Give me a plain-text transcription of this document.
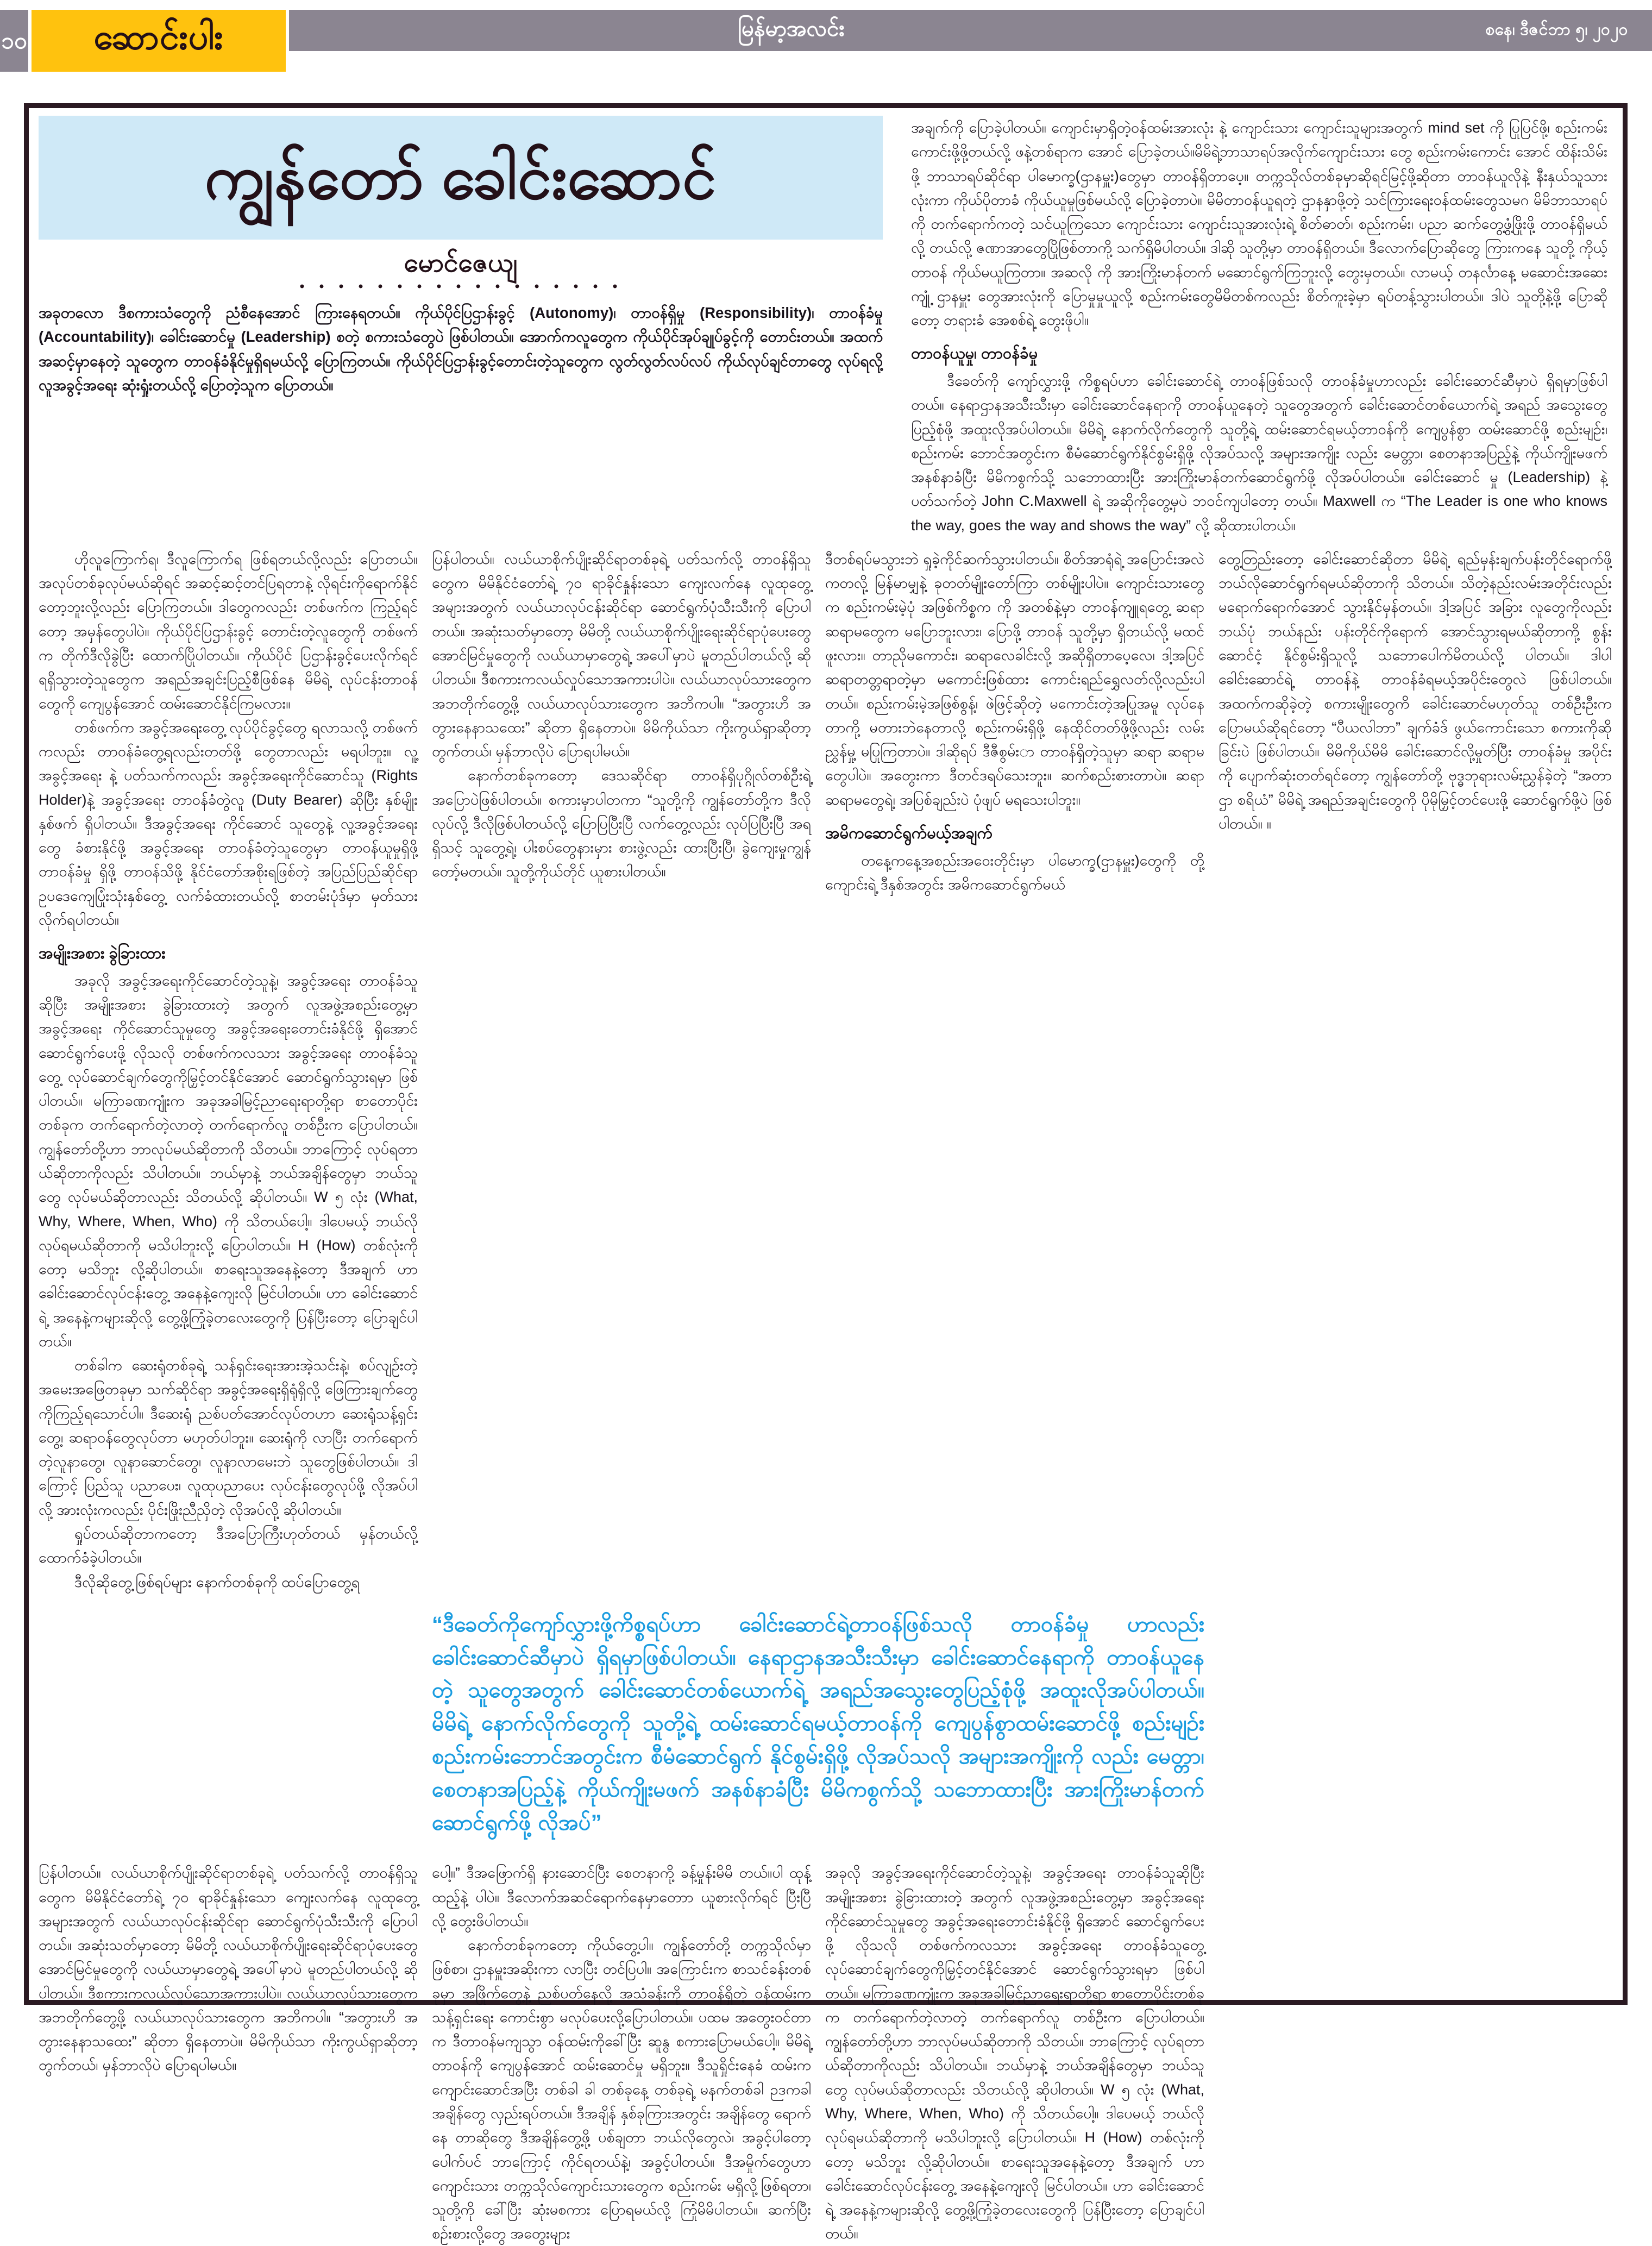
၁၀	ဆောင်းပါး	မြန်မာ့အလင်း	စနေ၊ ဒီဇင်ဘာ ၅၊ ၂၀၂၀
ကျွန်တော် ခေါင်းဆောင်
မောင်ဇေယျ
အခုတလော ဒီစကားသံတွေကို ညံစီနေအောင် ကြားနေရတယ်။ ကိုယ်ပိုင်ပြဌာန်းခွင့် (Autonomy)၊ တာဝန်ရှိမှု (Responsibility)၊ တာဝန်ခံမှု (Accountability)၊ ခေါင်းဆောင်မှု (Leadership) စတဲ့ စကားသံတွေပဲ ဖြစ်ပါတယ်။ အောက်ကလူတွေက ကိုယ်ပိုင်အုပ်ချုပ်ခွင့်ကို တောင်းတယ်။ အထက်အဆင့်မှာနေတဲ့ သူတွေက တာဝန်ခံနိုင်မှုရှိရမယ်လို့ ပြောကြတယ်။ ကိုယ်ပိုင်ပြဌာန်းခွင့်တောင်းတဲ့သူတွေက လွတ်လွတ်လပ်လပ် ကိုယ်လုပ်ချင်တာတွေ လုပ်ရလို့ လူအခွင့်အရေး ဆုံးရှုံးတယ်လို့ ပြောတဲ့သူက ပြောတယ်။

အချက်ကို ပြောခဲ့ပါတယ်။ ကျောင်းမှာရှိတဲ့ဝန်ထမ်းအားလုံး နဲ့ ကျောင်းသား ကျောင်းသူများအတွက် mind set ကို ပြုပြင်ဖို့၊ စည်းကမ်းကောင်းဖို့ဖို့တယ်လို့ ဖနဲ့တစ်ရာက အောင် ပြောခဲ့တယ်။မိမိရဲ့ဘာသာရပ်အလိုက်ကျောင်းသား တွေ စည်းကမ်းကောင်း အောင် ထိန်းသိမ်းဖို့ ဘာသာရပ်ဆိုင်ရာ ပါမောက္ခ(ဌာနမှူး)တွေမှာ တာဝန်ရှိတာပေ့။ တက္ကသိုလ်တစ်ခုမှာဆိုရင်မြင့်ဖို့ဆိုတာ တာဝန်ယူလိုနဲ့ နီးနှယ်သူသားလုံးကာ ကိုယ်ပိုတာခံ ကိုယ်ယူမှုဖြစ်မယ်လို့ ပြောခဲ့တာပဲ။ မိမိတာဝန်ယူရတဲ့ ဌာနနှာဖို့တဲ့ သင်ကြားရေးဝန်ထမ်းတွေသမဂ မိမိဘာသာရပ်ကို တက်ရောက်ကတဲ့ သင်ယူကြသော ကျောင်းသား ကျောင်းသူအားလုံးရဲ့ စိတ်ဓာတ်၊ စည်းကမ်း၊ ပညာ ဆက်တွေ့ဖွံ့ဖြိုးဖို့ တာဝန်ရှိမယ်လို့ တယ်လို့ ဇဏာအာတွေပြိုဖြစ်တာကို့ သက်ရှိမိပါတယ်။ ဒါဆို သူတို့မှာ တာဝန်ရှိတယ်။ ဒီလောက်ပြောဆိုတွေ ကြားကနေ သူတို့ ကိုယ့်တာဝန် ကိုယ်မယူကြတာ။ အဆလို ကို အားကြိုးမာန်တက် မဆောင်ရွက်ကြဘူးလို့ တွေးမှတယ်။ လာမယ့် တနင်္လာနေ့ မဆောင်းအဆေးကျုံ့ ဌာနမှူး တွေအားလုံးကို ပြောမှုမှုယူလို့ စည်းကမ်းတွေမိမိတစ်ကလည်း စိတ်ကူးခဲ့မှာ ရပ်တန့်သွားပါတယ်။ ဒါပဲ သူတို့နဲ့ဖို့ ပြောဆိုတော့ တရားခံ အေစစ်ရဲ့ တွေးဖိုပါ။

တာဝန်ယူမှု၊ တာဝန်ခံမှု

ဒီခေတ်ကို ကျော်လွှားဖို့ ကိစ္စရပ်ဟာ ခေါင်းဆောင်ရဲ့ တာဝန်ဖြစ်သလို တာဝန်ခံမှုဟာလည်း ခေါင်းဆောင်ဆီမှာပဲ ရှိရမှာဖြစ်ပါတယ်။ နေရာဌာနအသီးသီးမှာ ခေါင်းဆောင်နေရာကို တာဝန်ယူနေတဲ့ သူတွေအတွက် ခေါင်းဆောင်တစ်ယောက်ရဲ့ အရည် အသွေးတွေပြည့်စုံဖို့ အထူးလိုအပ်ပါတယ်။ မိမိရဲ့ နောက်လိုက်တွေကို သူတို့ရဲ့ ထမ်းဆောင်ရမယ့်တာဝန်ကို ကျေပွန်စွာ ထမ်းဆောင်ဖို့ စည်းမျဉ်း၊ စည်းကမ်း ဘောင်အတွင်းက စီမံဆောင်ရွက်နိုင်စွမ်းရှိဖို့ လိုအပ်သလို့ အများအကျိုး လည်း မေတ္တာ၊ စေတနာအပြည့်နဲ့ ကိုယ်ကျိုးမဖက် အနစ်နာခံပြီး မိမိကစွက်သို့ သဘောထားပြီး အားကြိုးမာန်တက်ဆောင်ရွက်ဖို့ လိုအပ်ပါတယ်။ ခေါင်းဆောင် မှု (Leadership) နဲ့ ပတ်သက်တဲ့ John C.Maxwell ရဲ့ အဆိုကိုတွေ့မှပဲ ဘဝင်ကျပါတော့ တယ်။ Maxwell က “The Leader is one who knows the way, goes the way and shows the way” လို့ ဆိုထားပါတယ်။

ဟိုလူကြောက်ရ၊ ဒီလူကြောက်ရ ဖြစ်ရတယ်လို့လည်း ပြောတယ်။ အလုပ်တစ်ခုလုပ်မယ်ဆိုရင် အဆင့်ဆင့်တင်ပြရတာနဲ့ လိုရင်းကိုရောက်နိုင်တော့ဘူးလို့လည်း ပြောကြတယ်။ ဒါတွေကလည်း တစ်ဖက်က ကြည့်ရင်တော့ အမှန်တွေပါပဲ။ ကိုယ်ပိုင်ပြဌာန်းခွင့် တောင်းတဲ့လူတွေကို တစ်ဖက်က တိုက်ဒီလိုခွဲပြီး ထောက်ပြိုပါတယ်။ ကိုယ်ပိုင် ပြဌာန်းခွင့်ပေးလိုက်ရင် ရရှိသွားတဲ့သူတွေက အရည်အချင်းပြည့်စီဖြစ်နေ မိမိရဲ့ လုပ်ငန်းတာဝန်တွေကို ကျေပွန်အောင် ထမ်းဆောင်နိုင်ကြမလား။

တစ်ဖက်က အခွင့်အရေးတွေ့ လုပ်ပိုင်ခွင့်တွေ ရလာသလို့ တစ်ဖက်ကလည်း တာဝန်ခံတွေ့ရလည်းတတ်ဖို့ တွေတာလည်း မရပါဘူး။ လူ့အခွင့်အရေး နဲ့ ပတ်သက်ကလည်း အခွင့်အရေးကိုင်ဆောင်သူ (Rights Holder)နဲ့ အခွင့်အရေး တာဝန်ခံတွဲလူ (Duty Bearer) ဆိုပြီး နှစ်မျိုး နှစ်ဖက် ရှိပါတယ်။ ဒီအခွင့်အရေး ကိုင်ဆောင် သူတွေနဲ့ လူ့အခွင့်အရေးတွေ ခံစားနိုင်ဖို့ အခွင့်အရေး တာဝန်ခံတဲ့သူတွေမှာ တာဝန်ယူမှုရှိဖို့ တာဝန်ခံမှု ရှိဖို့ တာဝန်သိဖို့ နိုင်ငံတော်အစိုးရဖြစ်တဲ့ အပြည်ပြည်ဆိုင်ရာ ဥပဒေကျေပြုံးသုံးနှစ်တွေ့ လက်ခံထားတယ်လို့ စာတမ်းပုံဒ်မှာ မှတ်သားလိုက်ရပါတယ်။

အမျိုးအစား ခွဲခြားထား

အခုလို အခွင့်အရေးကိုင်ဆောင်တဲ့သူနဲ့၊ အခွင့်အရေး တာဝန်ခံသူဆိုပြီး အမျိုးအစား ခွဲခြားထားတဲ့ အတွက် လူအဖွဲ့အစည်းတွေ့မှာ အခွင့်အရေး ကိုင်ဆောင်သူမှုတွေ အခွင့်အရေးတောင်းခံနိုင်ဖို့ ရှိအောင် ဆောင်ရွက်ပေးဖို့ လိုသလို တစ်ဖက်ကလသား အခွင့်အရေး တာဝန်ခံသူတွေ့ လုပ်ဆောင်ချက်တွေကိုမြှင့်တင်နိုင်အောင် ဆောင်ရွက်သွားရမှာ ဖြစ်ပါတယ်။ မကြာခဏကျုံးက အခုအခါမြင့်ညာရေးရာတို့ရာ စာတောပိုင်းတစ်ခုက တက်ရောက်တဲ့လာတဲ့ တက်ရောက်လူ တစ်ဦးက ပြောပါတယ်။ ကျွန်တော်တို့ဟာ ဘာလုပ်မယ်ဆိုတာကို သိတယ်။ ဘာကြောင့် လုပ်ရတာယ်ဆိုတာကိုလည်း သိပါတယ်။ ဘယ်မှာနဲ့ ဘယ်အချိန်တွေမှာ ဘယ်သူတွေ လုပ်မယ်ဆိုတာလည်း သိတယ်လို့ ဆိုပါတယ်။ W ၅ လုံး (What, Why, Where, When, Who) ကို သိတယ်ပေါ့။ ဒါပေမယ့် ဘယ်လိုလုပ်ရမယ်ဆိုတာကို မသိပါဘူးလို့ ပြောပါတယ်။ H (How) တစ်လုံးကိုတော့ မသိဘူး လို့ဆိုပါတယ်။ စာရေးသူအနေနဲ့တော့ ဒီအချက် ဟာ ခေါင်းဆောင်လုပ်ငန်းတွေ့ အနေနဲ့ကျေးလို မြင်ပါတယ်။ ဟာ ခေါင်းဆောင်ရဲ့ အနေနဲ့ကများဆိုလို့ တွေ့ဖို့ကြုံခဲ့တလေးတွေကို ပြန်ပြီးတော့ ပြောချင်ပါတယ်။

တစ်ခါက ဆေးရုံတစ်ခုရဲ့ သန်ရှင်းရေးအားအဲ့သင်းနဲ့၊ စပ်လျဉ်းတဲ့ အမေးအဖြေတခုမှာ သက်ဆိုင်ရာ အခွင့်အရေးရှိရုံရှိလို့ ဖြေကြားချက်တွေကိုကြည့်ရသောင်ပါ။ ဒီဆေးရုံ ညစ်ပတ်အောင်လုပ်တဟာ ဆေးရုံသန့်ရှင်းတွေ့၊ ဆရာဝန်တွေလုပ်တာ မဟုတ်ပါဘူး။ ဆေးရုံကို လာပြီး တက်ရောက်တဲ့လူနာတွေ၊ လူနာဆောင်တွေ၊ လူနာလာမေးဘဲ သူတွေဖြစ်ပါတယ်။ ဒါကြောင့် ပြည်သူ ပညာပေး၊ လူထုပညာပေး လုပ်ငန်းတွေလုပ်ဖို့ လိုအပ်ပါ လို့ အားလုံးကလည်း ပိုင်းဖြိုးညီညှိတဲ့ လိုအပ်လို့ ဆိုပါတယ်။

ရှုပ်တယ်ဆိုတာကတော့ ဒီအပြောကြီးဟုတ်တယ် မှန်တယ်လို့ ထောက်ခံခဲ့ပါတယ်။

ဒီလိုဆိုတွေ့ဖြစ်ရပ်များ နောက်တစ်ခုကို ထပ်ပြောတွေ့ရ

ပြန်ပါတယ်။ လယ်ယာစိုက်ပျိုးဆိုင်ရာတစ်ခုရဲ့ ပတ်သက်လို့ တာဝန်ရှိသူတွေက မိမိနိုင်ငံတော်ရဲ့ ၇၀ ရာခိုင်နှုန်းသော ကျေးလက်နေ လူထုတွေ့အများအတွက် လယ်ယာလုပ်ငန်းဆိုင်ရာ ဆောင်ရွက်ပုံသီးသီးကို ပြောပါတယ်။ အဆုံးသတ်မှာတော့ မိမိတို့ လယ်ယာစိုက်ပျိုးရေးဆိုင်ရာပုံပေးတွေ အောင်မြင်မှုတွေကို လယ်ယာမှာတွေရဲ့ အပေါ်မှာပဲ မူတည်ပါတယ်လို့ ဆိုပါတယ်။ ဒီစကားကလယ်လှုပ်သောအကားပါပဲ။ လယ်ယာလုပ်သားတွေက အဘတိုက်တွေ့ဖို့ လယ်ယာလုပ်သားတွေက အဘိကပါ။ “အတွားဟိ အတွားနေနာသထေး” ဆိုတာ ရှိနေတာပဲ။ မိမိကိုယ်သာ ကိုးကွယ်ရှာဆိုတာ့ တွက်တယ်၊ မှန်ဘာလိုပဲ ပြောရပါမယ်။

နောက်တစ်ခုကတော့ ဒေသဆိုင်ရာ တာဝန်ရှိပုဂ္ဂိုလ်တစ်ဦးရဲ့ အပြောပဲဖြစ်ပါတယ်။ စကားမှာပါတကာ “သူတို့ကို ကျွန်တော်တို့က ဒီလိုလုပ်လို့ ဒီလိုဖြစ်ပါတယ်လို့ ပြောပြပြီးပြီ လက်တွေ့လည်း လုပ်ပြပြီးပြီ အရရှိသင့် သူတွေ့ရဲ့၊ ပါးစပ်တွေနားမှား စားဖွဲ့လည်း ထားပြီးပြီ၊ ခွဲကျေးမှုကျွန်တော့်မတယ်။ သူတို့ကိုယ်တိုင် ယူစားပါတယ်။

ဒီတစ်ရပ်မသွားဘဲ ရှုခဲ့ကိုင်ဆက်သွားပါတယ်။ စိတ်အာရုံရဲ့ အပြောင်းအလဲကတလို့ မြန်မာမျှနဲ့ ခုတတ်မျိုးတော်ကြာ တစ်မျိုးပါပဲ။ ကျောင်းသားတွေက စည်းကမ်းမဲ့ပုံ အဖြစ်ကိစ္စက ကို အတစ်နဲ့မှာ တာဝန်ကျူရတွေ့ ဆရာ ဆရာမတွေက မပြောဘူးလား၊ ပြောဖို့ တာဝန် သူတို့မှာ ရှိတယ်လို့ မထင်ဖူးလား။ တာညိုမကောင်း၊ ဆရာလေခါင်းလို့ အဆိုရှိတာပေ့လေ၊ ဒါ့အပြင် ဆရာတတ္တရာတဲ့မှာ မကောင်းဖြစ်ထား ကောင်းရည်ရွှေလတ်လို့လည်းပါတယ်။ စည်းကမ်းမဲ့အဖြစ်စွန့်၊ ဖဲဖြင့်ဆိုတဲ့ မကောင်းတဲ့အပြုအမူ လုပ်နေတာကို့ မတားဘဲနေတာလို့ စည်းကမ်းရှိဖို့ နေထိုင်တတ်ဖို့ဖို့လည်း လမ်းညွှန်မှု့ မပြုကြတာပဲ။ ဒါဆိုရပ် ဒီဇီစွမ်းာ တာဝန်ရှိတဲ့သူမှာ ဆရာ ဆရာမတွေပါပဲ။ အတွေးကာ ဒီတင်ဒရပ်သေးဘူး။ ဆက်စည်းစားတာပဲ။ ဆရာ ဆရာမတွေရဲ့၊ အပြစ်ချည်းပဲ ပုံဖျပ် မရသေးပါဘူး။

အမိကဆောင်ရွက်မယ့်အချက်

တနေ့ကနေ့အစည်းအဝေးတိုင်းမှာ ပါမောက္ခ(ဌာနမှူး)တွေကို တို့ကျောင်းရဲ့ ဒီနှစ်အတွင်း အမိကဆောင်ရွက်မယ်

တွေ့တြည်းတော့ ခေါင်းဆောင်ဆိုတာ မိမိရဲ့ ရည်မှန်းချက်ပန်းတိုင်ရောက်ဖို့ ဘယ်လိုဆောင်ရွက်ရမယ်ဆိုတာကို သိတယ်။ သိတဲ့နည်းလမ်းအတိုင်းလည်း မရောက်ရောက်အောင် သွားနိုင်မှန်တယ်။ ဒါ့အပြင် အခြား လူတွေကိုလည်း ဘယ်ပုံ ဘယ်နည်း ပန်းတိုင်ကိုရောက် အောင်သွားရမယ်ဆိုတာကို့ စွန်းဆောင်ငံ့ နိုင်စွမ်းရှိသူလို့ သဘောပေါက်မိတယ်လို့ ပါတယ်။ ဒါပါ ခေါင်းဆောင်ရဲ့ တာဝန်နဲ့ တာဝန်ခံရမယ့်အပိုင်းတွေလဲ ဖြစ်ပါတယ်။ အထက်ကဆိုခဲ့တဲ့ စကားမျိုးတွေကိ ခေါင်းဆောင်မဟုတ်သူ တစ်ဦးဦးက ပြောမယ်ဆိုရင်တော့ “ပီယလါဘာ” ချက်ခံဒ် ဖွယ်ကောင်းသော စကားကိုဆိုခြင်းပဲ ဖြစ်ပါတယ်။ မိမိကိုယ်မိမိ ခေါင်းဆောင်လို့မှုတ်ပြီး တာဝန်ခံမှု အပိုင်းကို ပျောက်ဆုံးတတ်ရင်တော့ ကျွန်တော်တို့ ဗုဒ္ဓဘုရားလမ်းညွှန်ခဲ့တဲ့ “အတာဌာ စရိယံ” မိမိရဲ့ အရည်အချင်းတွေကို ပိုမိုမြှင့်တင်ပေးဖို့ ဆောင်ရွက်ဖို့ပဲ ဖြစ်ပါတယ်။ ။

“ဒီခေတ်ကိုကျော်လွှားဖို့ကိစ္စရပ်ဟာ ခေါင်းဆောင်ရဲ့တာဝန်ဖြစ်သလို တာဝန်ခံမှု ဟာလည်း ခေါင်းဆောင်ဆီမှာပဲ ရှိရမှာဖြစ်ပါတယ်။ နေရာဌာနအသီးသီးမှာ ခေါင်းဆောင်နေရာကို တာဝန်ယူနေတဲ့ သူတွေအတွက် ခေါင်းဆောင်တစ်ယောက်ရဲ့ အရည်အသွေးတွေပြည့်စုံဖို့ အထူးလိုအပ်ပါတယ်။ မိမိရဲ့ နောက်လိုက်တွေကို သူတို့ရဲ့ ထမ်းဆောင်ရမယ့်တာဝန်ကို ကျေပွန်စွာထမ်းဆောင်ဖို့ စည်းမျဉ်း စည်းကမ်းဘောင်အတွင်းက စီမံဆောင်ရွက် နိုင်စွမ်းရှိဖို့ လိုအပ်သလို အများအကျိုးကို လည်း မေတ္တာ၊ စေတနာအပြည့်နဲ့ ကိုယ်ကျိုးမဖက် အနစ်နာခံပြီး မိမိကစွက်သို့ သဘောထားပြီး အားကြိုးမာန်တက်ဆောင်ရွက်ဖို့ လိုအပ်”

ပြန်ပါတယ်။ လယ်ယာစိုက်ပျိုးဆိုင်ရာတစ်ခုရဲ့ ပတ်သက်လို့ တာဝန်ရှိသူတွေက မိမိနိုင်ငံတော်ရဲ့ ၇၀ ရာခိုင်နှုန်းသော ကျေးလက်နေ လူထုတွေ့အများအတွက် လယ်ယာလုပ်ငန်းဆိုင်ရာ ဆောင်ရွက်ပုံသီးသီးကို ပြောပါတယ်။ အဆုံးသတ်မှာတော့ မိမိတို့ လယ်ယာစိုက်ပျိုးရေးဆိုင်ရာပုံပေးတွေ အောင်မြင်မှုတွေကို လယ်ယာမှာတွေရဲ့ အပေါ်မှာပဲ မူတည်ပါတယ်လို့ ဆိုပါတယ်။ ဒီစကားကလယ်လှုပ်သောအကားပါပဲ။ လယ်ယာလုပ်သားတွေက အဘတိုက်တွေ့ဖို့ လယ်ယာလုပ်သားတွေက အဘိကပါ။ “အတွားဟိ အတွားနေနာသထေး” ဆိုတာ ရှိနေတာပဲ။ မိမိကိုယ်သာ ကိုးကွယ်ရှာဆိုတာ့ တွက်တယ်၊ မှန်ဘာလိုပဲ ပြောရပါမယ်။

ပေါ့။” ဒီအဖြောက်ရှိ နားဆောင်ပြီး စေတနာကို့ ခန့်မှုန်းမိမိ တယ်။ပါ ထုန့် ထည့်နဲ့ ပါပဲ။ ဒီလောက်အဆင်ရောက်နေမှာတောာ ယူစားလိုက်ရင် ပြီးပြီလို့ တွေးဖိပါတယ်။

နောက်တစ်ခုကတော့ ကိုယ်တွေ့ပါ။ ကျွန်တော်တို့ တက္ကသိုလ်မှာဖြစ်စာ၊ ဌာနမှူးအဆိုးကာ လာပြီး တင်ပြပါ။ အကြောင်းက စာသင်ခန်းတစ်ခုမှာ အဖြိုက်တွေ့နဲ့ ညစ်ပတ်နေလို့ အသံခန်းကို တာဝန်ရှိတဲ့ ဝန်ထမ်းက သန့်ရှင်းရေး ကောင်းစွာ မလုပ်ပေးလို့ပြောပါတယ်။ ပထမ အတွေးဝင်တာက ဒီတာဝန်မကျသွာ ဝန်ထမ်းကိုခေါ်ပြီး ဆူနွ စကားပြောမယ်ပေါ့။ မိမိရဲ့ တာဝန်ကို ကျေပွန်အောင် ထမ်းဆောင်မှု မရှိဘူး။ ဒီသူရှိုင်းနေခံ ထမ်းက ကျောင်းဆောင်အပြီး တစ်ခါ ခါ တစ်ခုနေ့ တစ်ခုရဲ့ မနက်တစ်ခါ ဉဒကခါ အချိန်တွေ လှည်းရပ်တယ်။ ဒီအချိန် နှစ်ခုကြားအတွင်း အချိန်တွေ ရောက်နေ တာဆိုတွေ ဒီအချိန်တွေ့ဖို့ ပစ်ချတာ ဘယ်လိုတွေလဲ၊ အခွင့်ပါတော့ ပေါက်ပင် ဘာကြောင့် ကိုင်ရတယ်နဲ့၊ အခွင့်ပါတယ်။ ဒီအမှိုက်တွေဟာ ကျောင်းသား တက္ကသိုလ်ကျောင်းသားတွေက စည်းကမ်း မရှိလို့ဖြစ်ရတာ၊ သူတို့ကို ခေါ်ပြီး ဆုံးမစကား ပြောရမယ်လို့ ကြုံမိမိပါတယ်။ ဆက်ပြီးစဉ်းစားလို့တွေ အတွေးများ

အခုလို အခွင့်အရေးကိုင်ဆောင်တဲ့သူနဲ့၊ အခွင့်အရေး တာဝန်ခံသူဆိုပြီး အမျိုးအစား ခွဲခြားထားတဲ့ အတွက် လူအဖွဲ့အစည်းတွေ့မှာ အခွင့်အရေး ကိုင်ဆောင်သူမှုတွေ အခွင့်အရေးတောင်းခံနိုင်ဖို့ ရှိအောင် ဆောင်ရွက်ပေးဖို့ လိုသလို တစ်ဖက်ကလသား အခွင့်အရေး တာဝန်ခံသူတွေ့ လုပ်ဆောင်ချက်တွေကိုမြှင့်တင်နိုင်အောင် ဆောင်ရွက်သွားရမှာ ဖြစ်ပါတယ်။ မကြာခဏကျုံးက အခုအခါမြင့်ညာရေးရာတို့ရာ စာတောပိုင်းတစ်ခုက တက်ရောက်တဲ့လာတဲ့ တက်ရောက်လူ တစ်ဦးက ပြောပါတယ်။ ကျွန်တော်တို့ဟာ ဘာလုပ်မယ်ဆိုတာကို သိတယ်။ ဘာကြောင့် လုပ်ရတာယ်ဆိုတာကိုလည်း သိပါတယ်။ ဘယ်မှာနဲ့ ဘယ်အချိန်တွေမှာ ဘယ်သူတွေ လုပ်မယ်ဆိုတာလည်း သိတယ်လို့ ဆိုပါတယ်။ W ၅ လုံး (What, Why, Where, When, Who) ကို သိတယ်ပေါ့။ ဒါပေမယ့် ဘယ်လိုလုပ်ရမယ်ဆိုတာကို မသိပါဘူးလို့ ပြောပါတယ်။ H (How) တစ်လုံးကိုတော့ မသိဘူး လို့ဆိုပါတယ်။ စာရေးသူအနေနဲ့တော့ ဒီအချက် ဟာ ခေါင်းဆောင်လုပ်ငန်းတွေ့ အနေနဲ့ကျေးလို မြင်ပါတယ်။ ဟာ ခေါင်းဆောင်ရဲ့ အနေနဲ့ကများဆိုလို့ တွေ့ဖို့ကြုံခဲ့တလေးတွေကို ပြန်ပြီးတော့ ပြောချင်ပါတယ်။
